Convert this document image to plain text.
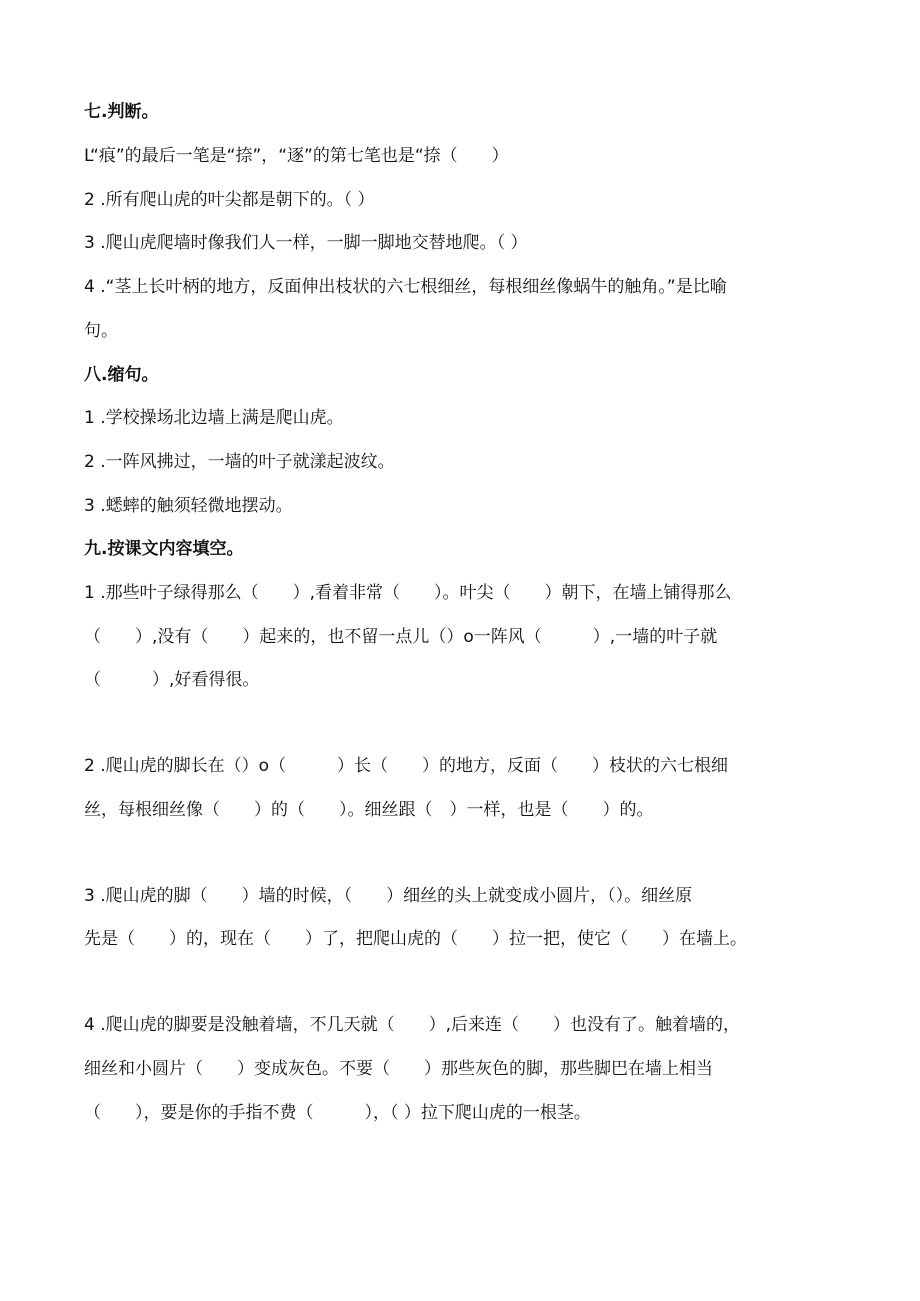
七.判断。
L“痕”的最后一笔是“捺”，“逐”的第七笔也是“捺（　　）
2 .所有爬山虎的叶尖都是朝下的。（ ）
3 .爬山虎爬墙时像我们人一样，一脚一脚地交替地爬。（ ）
4 .“茎上长叶柄的地方，反面伸出枝状的六七根细丝，每根细丝像蜗牛的触角。”是比喻
句。
八.缩句。
1 .学校操场北边墙上满是爬山虎。
2 .一阵风拂过，一墙的叶子就漾起波纹。
3 .蟋蟀的触须轻微地摆动。
九.按课文内容填空。
1 .那些叶子绿得那么（　　）,看着非常（　　）。叶尖（　　）朝下，在墙上铺得那么
（　　）,没有（　　）起来的，也不留一点儿（）o一阵风（　　　）,一墙的叶子就
（　　　）,好看得很。
2 .爬山虎的脚长在（）o（　　　）长（　　）的地方，反面（　　）枝状的六七根细
丝，每根细丝像（　　）的（　　）。细丝跟（　）一样，也是（　　）的。
3 .爬山虎的脚（　　）墙的时候，（　　）细丝的头上就变成小圆片，（）。细丝原
先是（　　）的，现在（　　）了，把爬山虎的（　　）拉一把，使它（　　）在墙上。
4 .爬山虎的脚要是没触着墙，不几天就（　　）,后来连（　　）也没有了。触着墙的，
细丝和小圆片（　　）变成灰色。不要（　　）那些灰色的脚，那些脚巴在墙上相当
（　　），要是你的手指不费（　　　），（ ）拉下爬山虎的一根茎。
